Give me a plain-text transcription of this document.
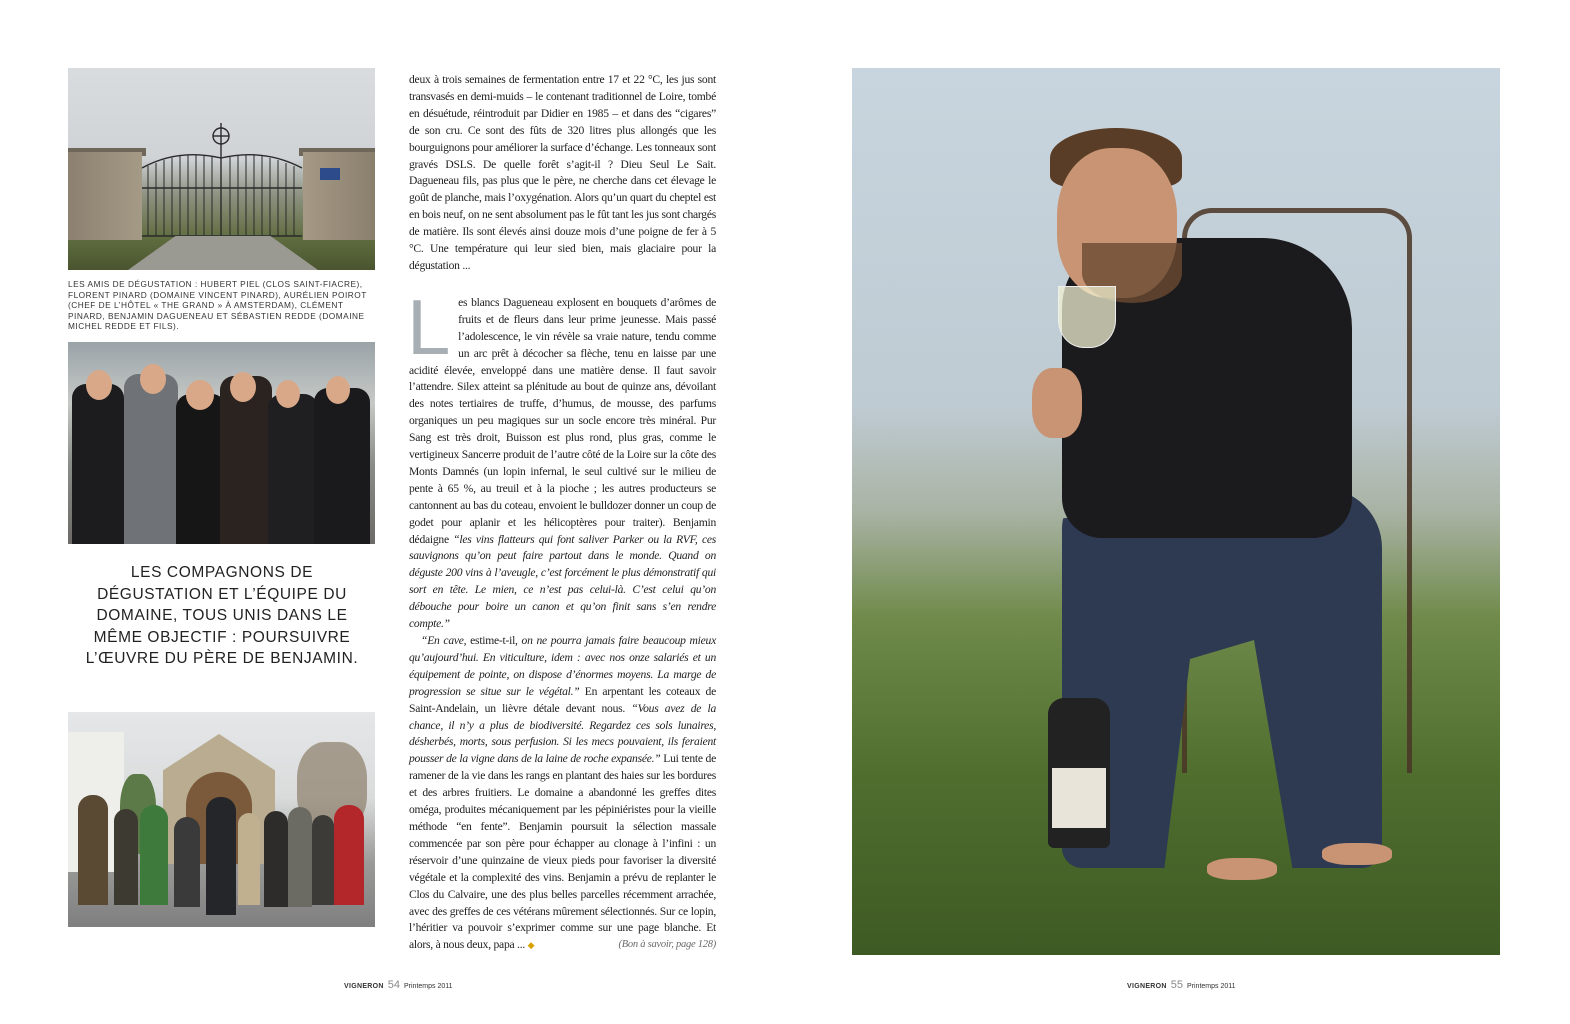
LES AMIS DE DÉGUSTATION : HUBERT PIEL (CLOS SAINT-FIACRE), FLORENT PINARD (DOMAINE VINCENT PINARD), AURÉLIEN POIROT (CHEF DE L’HÔTEL « THE GRAND » À AMSTERDAM), CLÉMENT PINARD, BENJAMIN DAGUENEAU ET SÉBASTIEN REDDE (DOMAINE MICHEL REDDE ET FILS).
LES COMPAGNONS DE DÉGUSTATION ET L’ÉQUIPE DU DOMAINE, TOUS UNIS DANS LE MÊME OBJECTIF : POURSUIVRE L’ŒUVRE DU PÈRE DE BENJAMIN.

deux à trois semaines de fermentation entre 17 et 22 °C, les jus sont transvasés en demi-muids – le contenant traditionnel de Loire, tombé en désuétude, réintroduit par Didier en 1985 – et dans des “cigares” de son cru. Ce sont des fûts de 320 litres plus allongés que les bourguignons pour améliorer la surface d’échange. Les tonneaux sont gravés DSLS. De quelle forêt s’agit-il ? Dieu Seul Le Sait. Dagueneau fils, pas plus que le père, ne cherche dans cet élevage le goût de planche, mais l’oxygénation. Alors qu’un quart du cheptel est en bois neuf, on ne sent absolument pas le fût tant les jus sont chargés de matière. Ils sont élevés ainsi douze mois d’une poigne de fer à 5 °C. Une température qui leur sied bien, mais glaciaire pour la dégustation ...

Les blancs Dagueneau explosent en bouquets d’arômes de fruits et de fleurs dans leur prime jeunesse. Mais passé l’adolescence, le vin révèle sa vraie nature, tendu comme un arc prêt à décocher sa flèche, tenu en laisse par une acidité élevée, enveloppé dans une matière dense. Il faut savoir l’attendre. Silex atteint sa plénitude au bout de quinze ans, dévoilant des notes tertiaires de truffe, d’humus, de mousse, des parfums organiques un peu magiques sur un socle encore très minéral. Pur Sang est très droit, Buisson est plus rond, plus gras, comme le vertigineux Sancerre produit de l’autre côté de la Loire sur la côte des Monts Damnés (un lopin infernal, le seul cultivé sur le milieu de pente à 65 %, au treuil et à la pioche ; les autres producteurs se cantonnent au bas du coteau, envoient le bulldozer donner un coup de godet pour aplanir et les hélicoptères pour traiter). Benjamin dédaigne “les vins flatteurs qui font saliver Parker ou la RVF, ces sauvignons qu’on peut faire partout dans le monde. Quand on déguste 200 vins à l’aveugle, c’est forcément le plus démonstratif qui sort en tête. Le mien, ce n’est pas celui-là. C’est celui qu’on débouche pour boire un canon et qu’on finit sans s’en rendre compte.”

“En cave, estime-t-il, on ne pourra jamais faire beaucoup mieux qu’aujourd’hui. En viticulture, idem : avec nos onze salariés et un équipement de pointe, on dispose d’énormes moyens. La marge de progression se situe sur le végétal.” En arpentant les coteaux de Saint-Andelain, un lièvre détale devant nous. “Vous avez de la chance, il n’y a plus de biodiversité. Regardez ces sols lunaires, désherbés, morts, sous perfusion. Si les mecs pouvaient, ils feraient pousser de la vigne dans de la laine de roche expansée.” Lui tente de ramener de la vie dans les rangs en plantant des haies sur les bordures et des arbres fruitiers. Le domaine a abandonné les greffes dites oméga, produites mécaniquement par les pépiniéristes pour la vieille méthode “en fente”. Benjamin poursuit la sélection massale commencée par son père pour échapper au clonage à l’infini : un réservoir d’une quinzaine de vieux pieds pour favoriser la diversité végétale et la complexité des vins. Benjamin a prévu de replanter le Clos du Calvaire, une des plus belles parcelles récemment arrachée, avec des greffes de ces vétérans mûrement sélectionnés. Sur ce lopin, l’héritier va pouvoir s’exprimer comme sur une page blanche. Et alors, à nous deux, papa ... ◆	(Bon à savoir, page 128)

VIGNERON 54 Printemps 2011	VIGNERON 55 Printemps 2011
